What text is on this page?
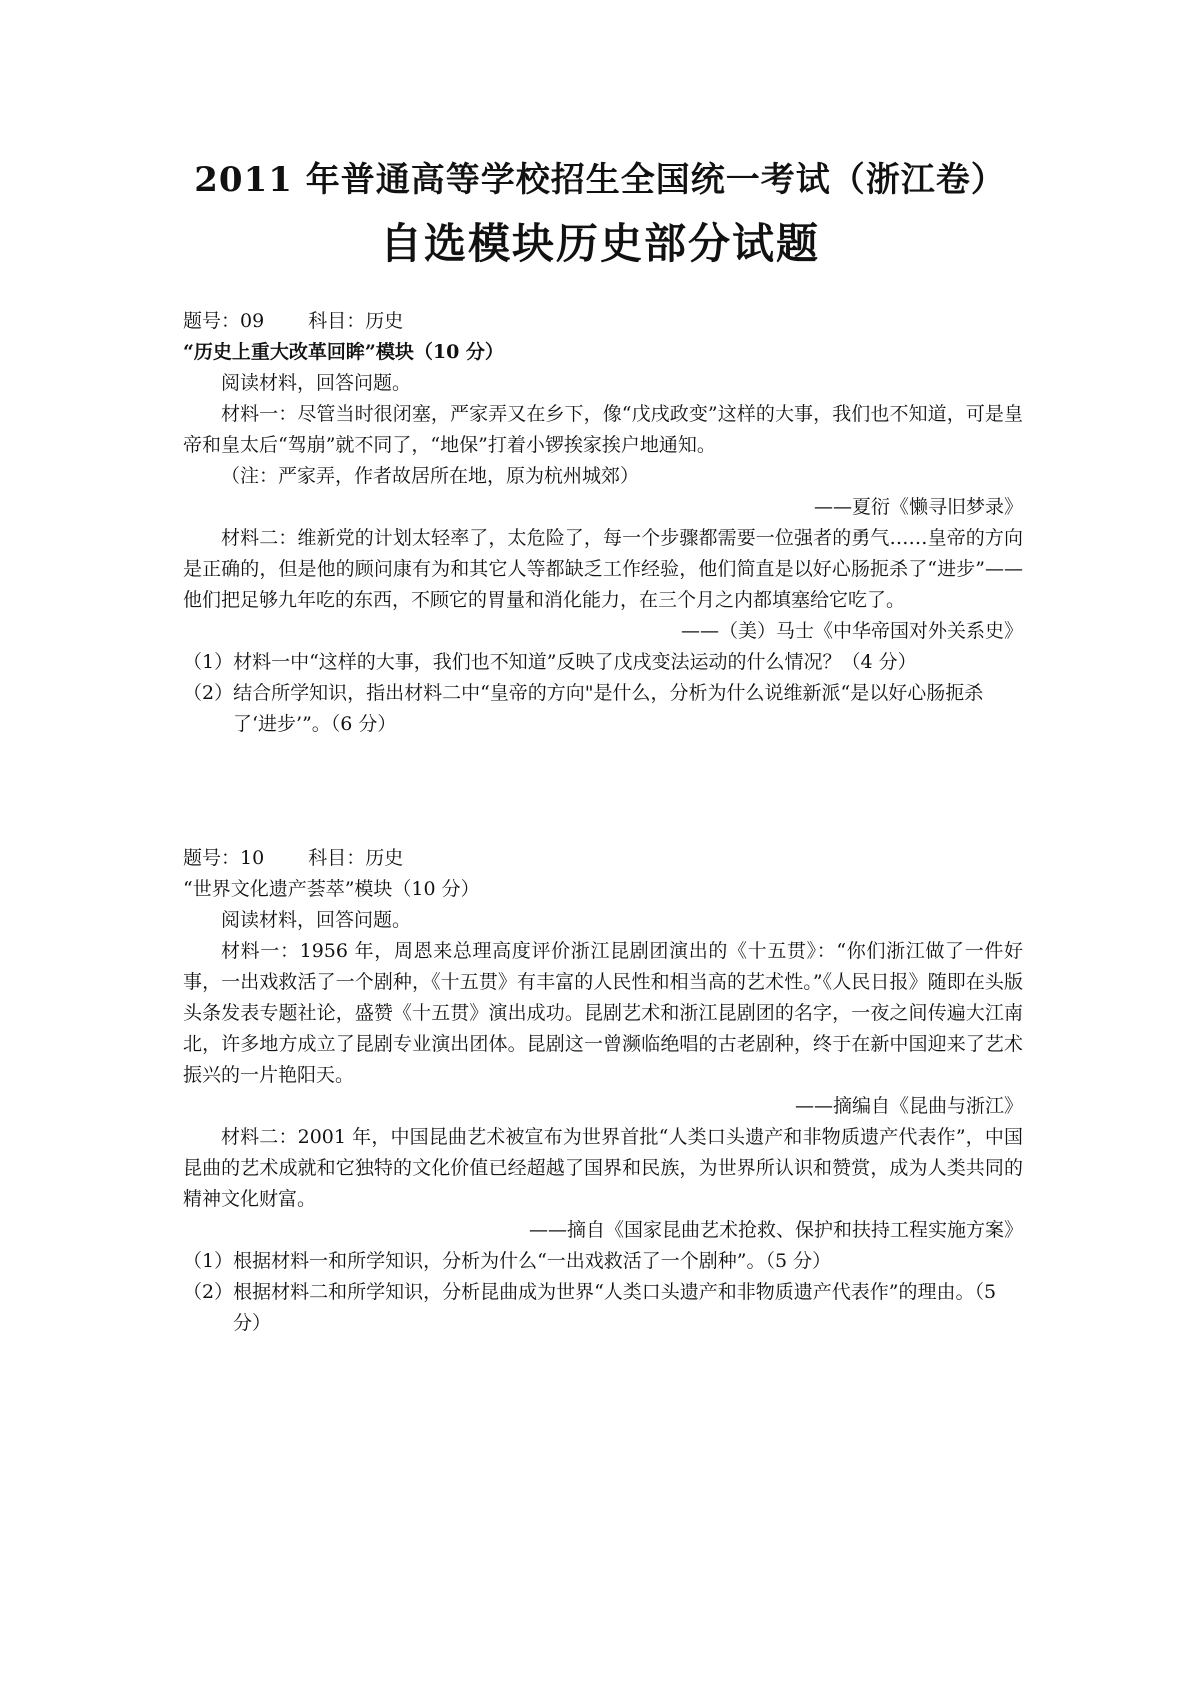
2011 年普通高等学校招生全国统一考试（浙江卷）
自选模块历史部分试题
题号：09 科目：历史
“历史上重大改革回眸”模块（10 分）
阅读材料，回答问题。

材料一：尽管当时很闭塞，严家弄又在乡下，像“戊戌政变”这样的大事，我们也不知道，可是皇帝和皇太后“驾崩”就不同了，“地保”打着小锣挨家挨户地通知。

（注：严家弄，作者故居所在地，原为杭州城郊）
——夏衍《懒寻旧梦录》

材料二：维新党的计划太轻率了，太危险了，每一个步骤都需要一位强者的勇气……皇帝的方向是正确的，但是他的顾问康有为和其它人等都缺乏工作经验，他们简直是以好心肠扼杀了“进步”——他们把足够九年吃的东西，不顾它的胃量和消化能力，在三个月之内都填塞给它吃了。

——（美）马士《中华帝国对外关系史》

（1）材料一中“这样的大事，我们也不知道”反映了戊戌变法运动的什么情况？（4 分）

（2）结合所学知识，指出材料二中“皇帝的方向"是什么，分析为什么说维新派“是以好心肠扼杀了‘进步’”。（6 分）

题号：10 科目：历史
“世界文化遗产荟萃”模块（10 分）
阅读材料，回答问题。

材料一：1956 年，周恩来总理高度评价浙江昆剧团演出的《十五贯》：“你们浙江做了一件好事，一出戏救活了一个剧种，《十五贯》有丰富的人民性和相当高的艺术性。”《人民日报》随即在头版头条发表专题社论，盛赞《十五贯》演出成功。昆剧艺术和浙江昆剧团的名字，一夜之间传遍大江南北，许多地方成立了昆剧专业演出团体。昆剧这一曾濒临绝唱的古老剧种，终于在新中国迎来了艺术振兴的一片艳阳天。

——摘编自《昆曲与浙江》

材料二：2001 年，中国昆曲艺术被宣布为世界首批“人类口头遗产和非物质遗产代表作”，中国昆曲的艺术成就和它独特的文化价值已经超越了国界和民族，为世界所认识和赞赏，成为人类共同的精神文化财富。

——摘自《国家昆曲艺术抢救、保护和扶持工程实施方案》

（1）根据材料一和所学知识，分析为什么“一出戏救活了一个剧种”。（5 分）

（2）根据材料二和所学知识，分析昆曲成为世界“人类口头遗产和非物质遗产代表作”的理由。（5 分）
